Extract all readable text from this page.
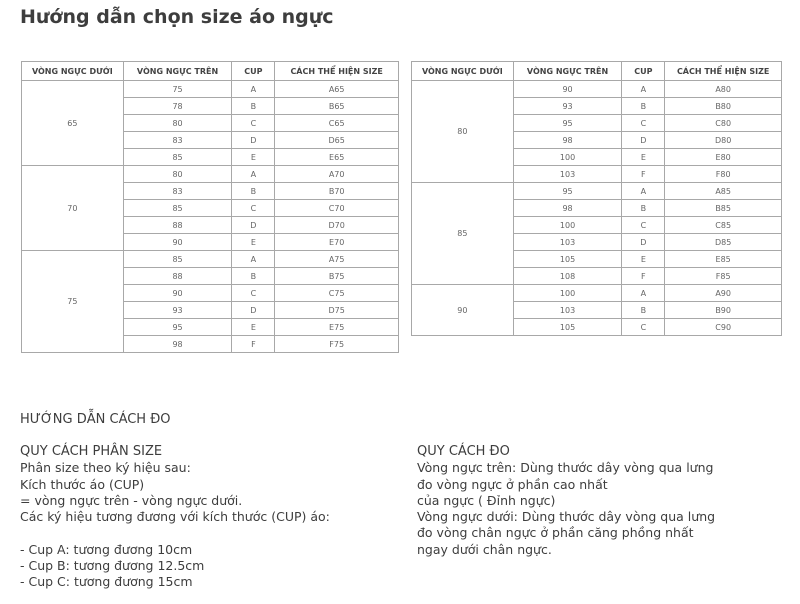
Hướng dẫn chọn size áo ngực
VÒNG NGỰC DƯỚI	VÒNG NGỰC TRÊN	CUP	CÁCH THỂ HIỆN SIZE
65	75	A	A65
	78	B	B65
	80	C	C65
	83	D	D65
	85	E	E65
70	80	A	A70
	83	B	B70
	85	C	C70
	88	D	D70
	90	E	E70
75	85	A	A75
	88	B	B75
	90	C	C75
	93	D	D75
	95	E	E75
	98	F	F75
VÒNG NGỰC DƯỚI	VÒNG NGỰC TRÊN	CUP	CÁCH THỂ HIỆN SIZE
80	90	A	A80
	93	B	B80
	95	C	C80
	98	D	D80
	100	E	E80
	103	F	F80
85	95	A	A85
	98	B	B85
	100	C	C85
	103	D	D85
	105	E	E85
	108	F	F85
90	100	A	A90
	103	B	B90
	105	C	C90
HƯỚNG DẪN CÁCH ĐO
QUY CÁCH PHÂN SIZE
Phân size theo ký hiệu sau:
Kích thước áo (CUP)
= vòng ngực trên - vòng ngực dưới.
Các ký hiệu tương đương với kích thước (CUP) áo:

- Cup A: tương đương 10cm
- Cup B: tương đương 12.5cm
- Cup C: tương đương 15cm
QUY CÁCH ĐO
Vòng ngực trên: Dùng thước dây vòng qua lưng
đo vòng ngực ở phần cao nhất
của ngực ( Đỉnh ngực)
Vòng ngực dưới: Dùng thước dây vòng qua lưng
đo vòng chân ngực ở phần căng phồng nhất
ngay dưới chân ngực.
